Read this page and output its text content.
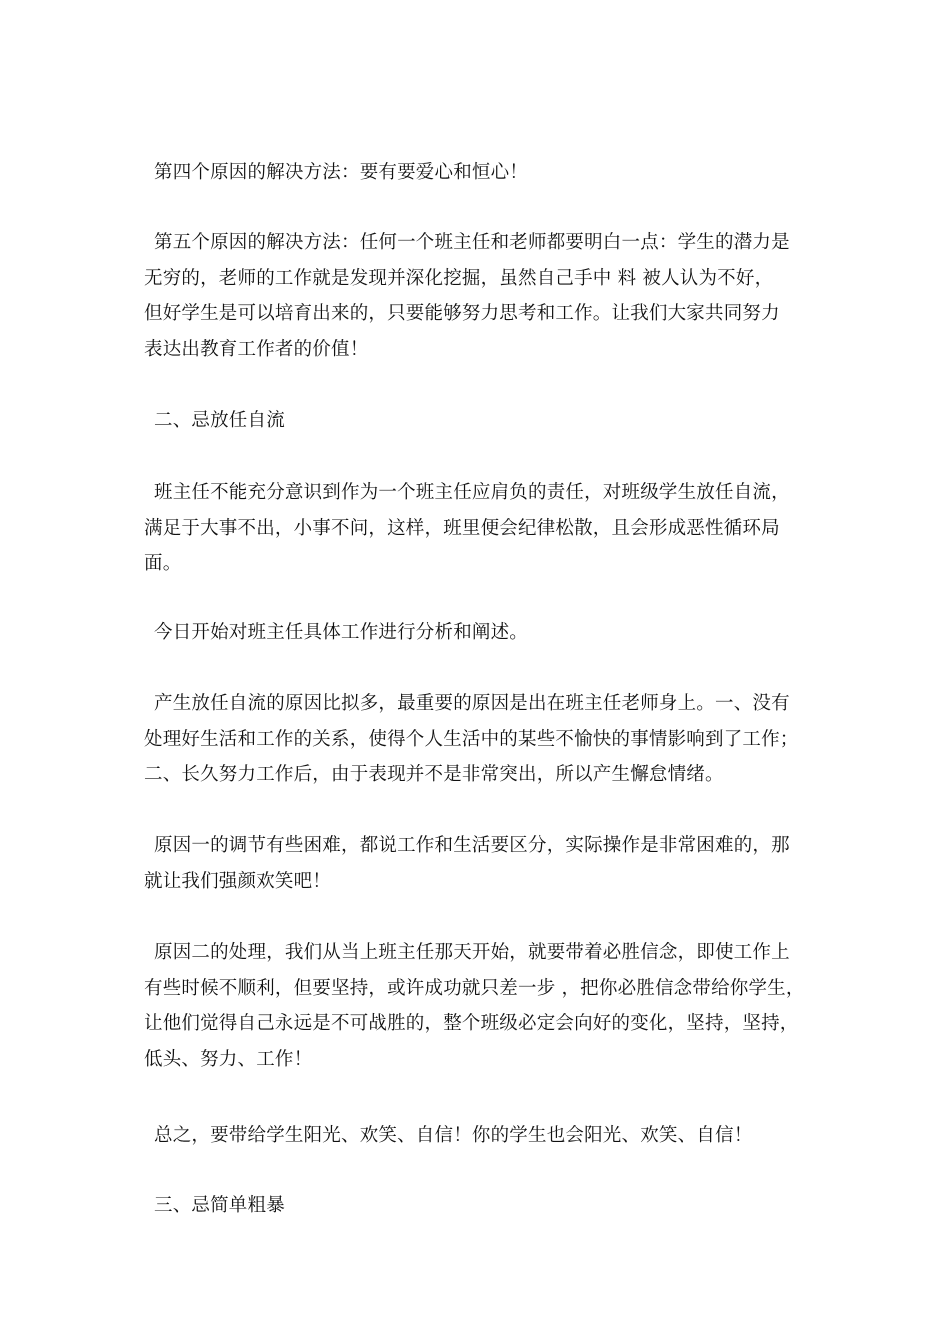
第四个原因的解决方法：要有要爱心和恒心！

第五个原因的解决方法：任何一个班主任和老师都要明白一点：学生的潜力是
无穷的，老师的工作就是发现并深化挖掘，虽然自己手中 料 被人认为不好，
但好学生是可以培育出来的，只要能够努力思考和工作。让我们大家共同努力
表达出教育工作者的价值！

二、忌放任自流

班主任不能充分意识到作为一个班主任应肩负的责任，对班级学生放任自流，
满足于大事不出，小事不问，这样，班里便会纪律松散，且会形成恶性循环局
面。

今日开始对班主任具体工作进行分析和阐述。

产生放任自流的原因比拟多，最重要的原因是出在班主任老师身上。一、没有
处理好生活和工作的关系，使得个人生活中的某些不愉快的事情影响到了工作；
二、长久努力工作后，由于表现并不是非常突出，所以产生懈怠情绪。

原因一的调节有些困难，都说工作和生活要区分，实际操作是非常困难的，那
就让我们强颜欢笑吧！

原因二的处理，我们从当上班主任那天开始，就要带着必胜信念，即使工作上
有些时候不顺利，但要坚持，或许成功就只差一步 ，把你必胜信念带给你学生，
让他们觉得自己永远是不可战胜的，整个班级必定会向好的变化，坚持，坚持，
低头、努力、工作！

总之，要带给学生阳光、欢笑、自信！你的学生也会阳光、欢笑、自信！

三、忌简单粗暴
